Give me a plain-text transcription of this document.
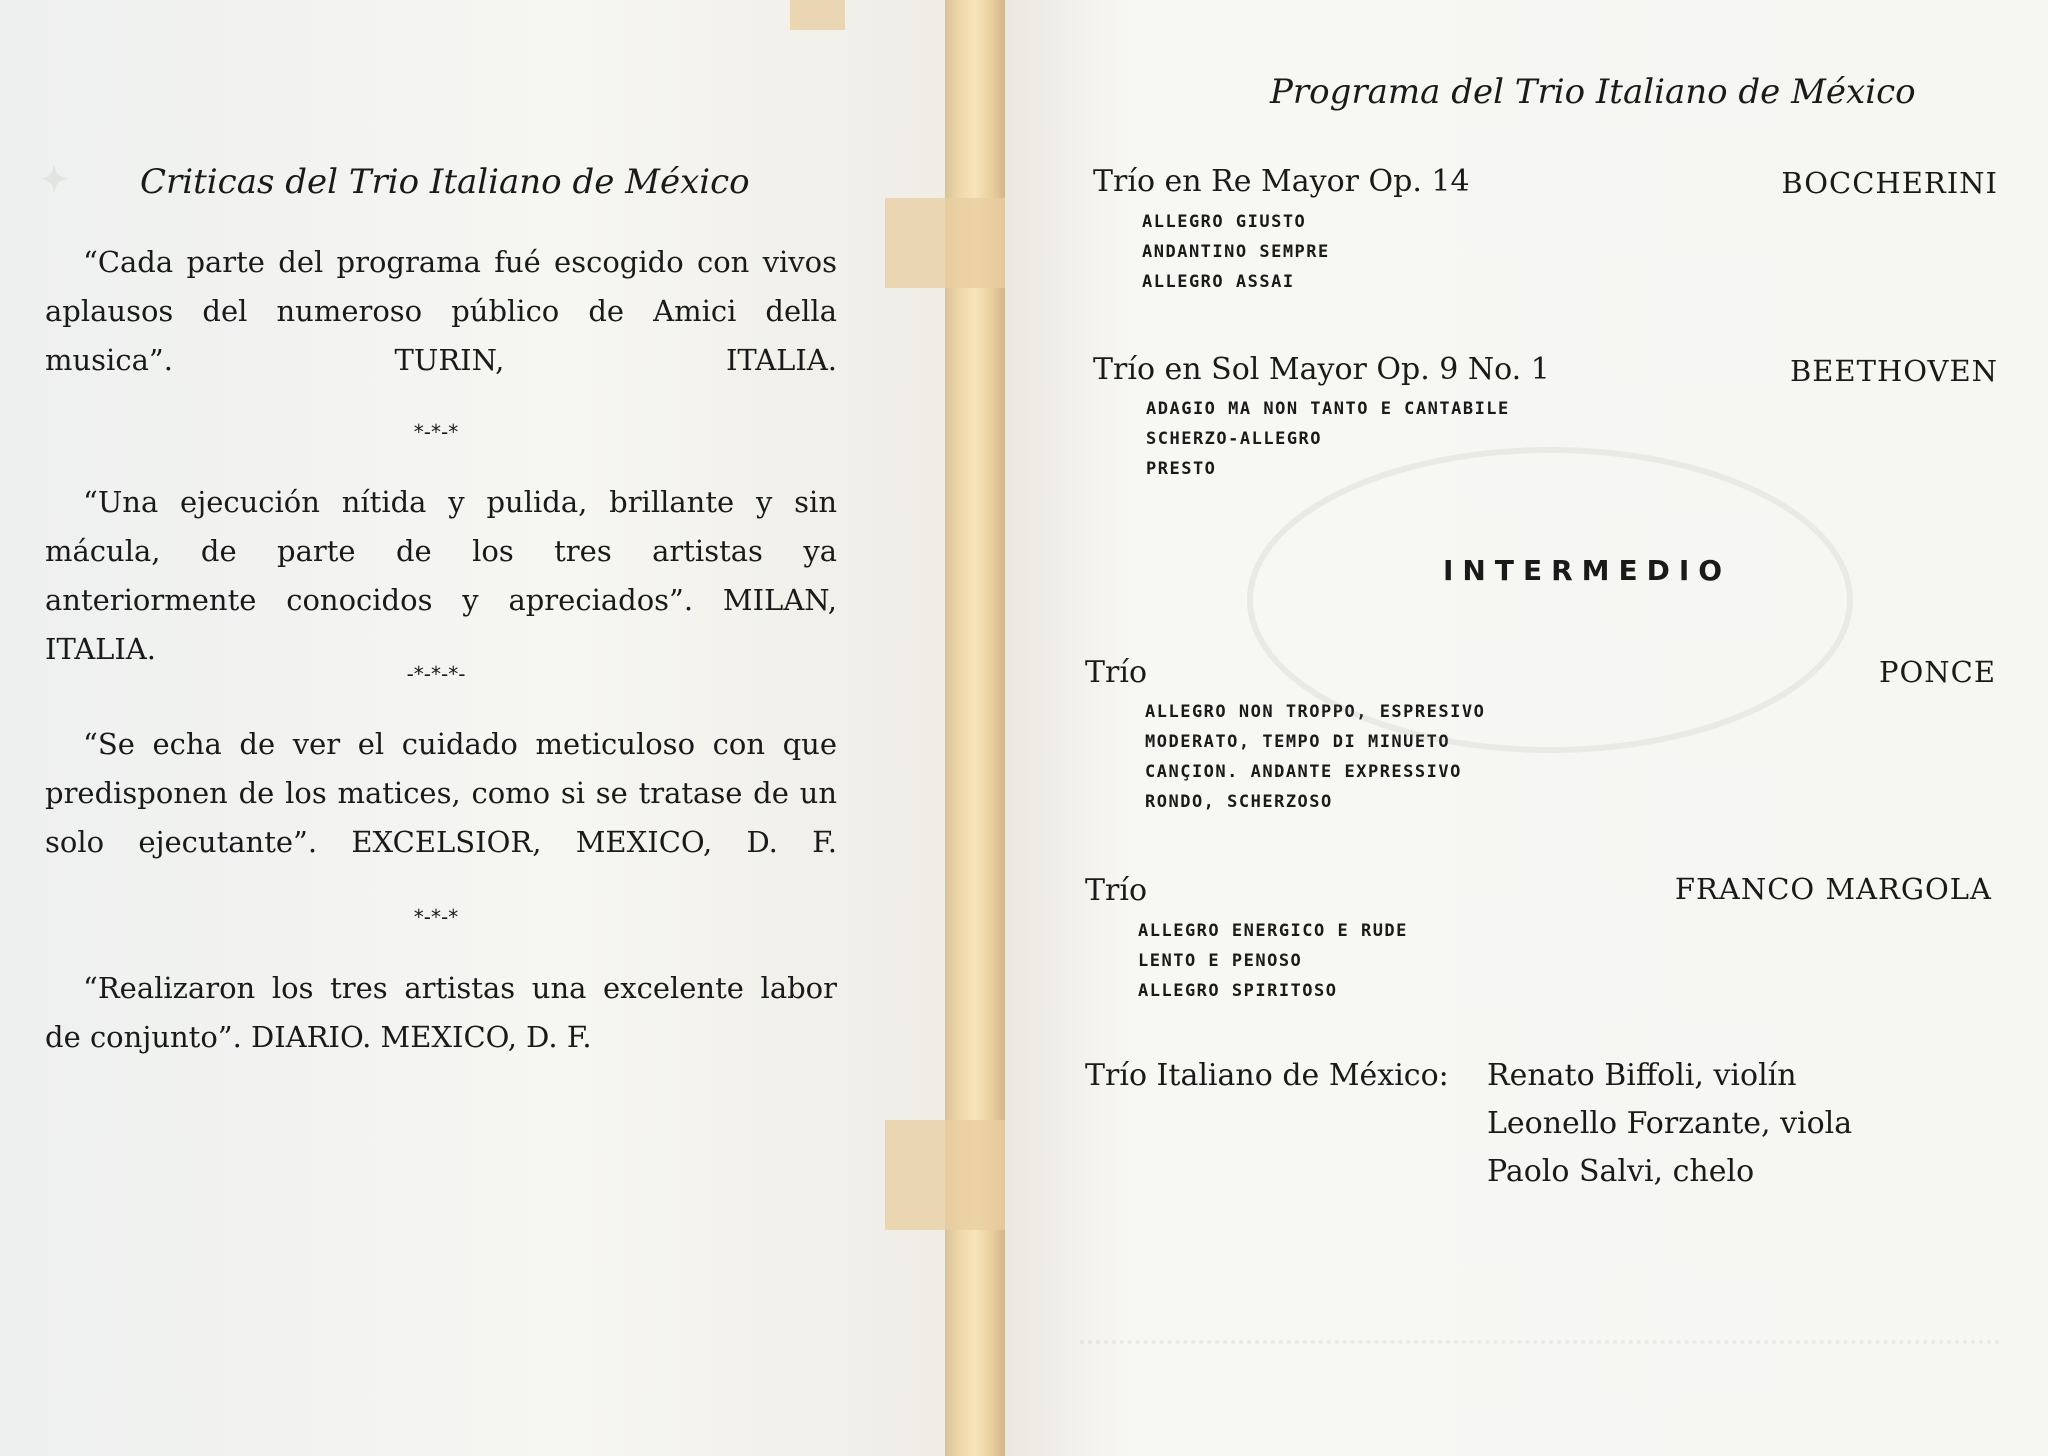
✦ Criticas del Trio Italiano de México

“Cada parte del programa fué escogido con vivos aplausos del numeroso público de Amici della musica”.	TURIN, ITALIA.

*-*-*

“Una ejecución nítida y pulida, brillante y sin mácula, de parte de los tres artistas ya anteriormente conocidos y apreciados”. MILAN, ITALIA.

-*-*-*-

“Se echa de ver el cuidado meticuloso con que predisponen de los matices, como si se tratase de un solo ejecutante”. EXCELSIOR, MEXICO, D. F.

*-*-*

“Realizaron los tres artistas una excelente labor de conjunto”. DIARIO. MEXICO, D. F.

Programa del Trio Italiano de México
Trío en Re Mayor Op. 14	BOCCHERINI
ALLEGRO GIUSTO
ANDANTINO SEMPRE
ALLEGRO ASSAI
Trío en Sol Mayor Op. 9 No. 1	BEETHOVEN
ADAGIO MA NON TANTO E CANTABILE
SCHERZO-ALLEGRO
PRESTO
INTERMEDIO
Trío	PONCE
ALLEGRO NON TROPPO, ESPRESIVO
MODERATO, TEMPO DI MINUETO
CANÇION. ANDANTE EXPRESSIVO
RONDO, SCHERZOSO
Trío	FRANCO MARGOLA
ALLEGRO ENERGICO E RUDE
LENTO E PENOSO
ALLEGRO SPIRITOSO
Trío Italiano de México: Renato Biffoli, violín
Leonello Forzante, viola
Paolo Salvi, chelo
